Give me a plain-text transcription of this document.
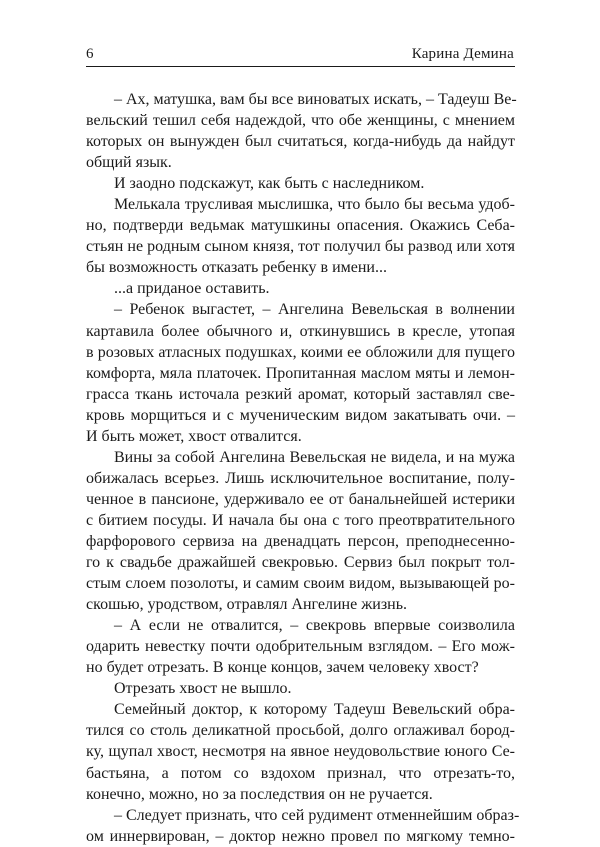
6	Карина Демина
– Ах, матушка, вам бы все виноватых искать, – Тадеуш Ве-
вельский тешил себя надеждой, что обе женщины, с мнением
которых он вынужден был считаться, когда-нибудь да найдут
общий язык.
И заодно подскажут, как быть с наследником.
Мелькала трусливая мыслишка, что было бы весьма удоб-
но, подтверди ведьмак матушкины опасения. Окажись Себа-
стьян не родным сыном князя, тот получил бы развод или хотя
бы возможность отказать ребенку в имени...
...а приданое оставить.
– Ребенок выгастет, – Ангелина Вевельская в волнении
картавила более обычного и, откинувшись в кресле, утопая
в розовых атласных подушках, коими ее обложили для пущего
комфорта, мяла платочек. Пропитанная маслом мяты и лемон-
грасса ткань источала резкий аромат, который заставлял све-
кровь морщиться и с мученическим видом закатывать очи. –
И быть может, хвост отвалится.
Вины за собой Ангелина Вевельская не видела, и на мужа
обижалась всерьез. Лишь исключительное воспитание, полу-
ченное в пансионе, удерживало ее от банальнейшей истерики
с битием посуды. И начала бы она с того преотвратительного
фарфорового сервиза на двенадцать персон, преподнесенно-
го к свадьбе дражайшей свекровью. Сервиз был покрыт тол-
стым слоем позолоты, и самим своим видом, вызывающей ро-
скошью, уродством, отравлял Ангелине жизнь.
– А если не отвалится, – свекровь впервые соизволила
одарить невестку почти одобрительным взглядом. – Его мож-
но будет отрезать. В конце концов, зачем человеку хвост?
Отрезать хвост не вышло.
Семейный доктор, к которому Тадеуш Вевельский обра-
тился со столь деликатной просьбой, долго оглаживал бород-
ку, щупал хвост, несмотря на явное неудовольствие юного Се-
бастьяна, а потом со вздохом признал, что отрезать-то,
конечно, можно, но за последствия он не ручается.
– Следует признать, что сей рудимент отменнейшим образ-
ом иннервирован, – доктор нежно провел по мягкому темно-
